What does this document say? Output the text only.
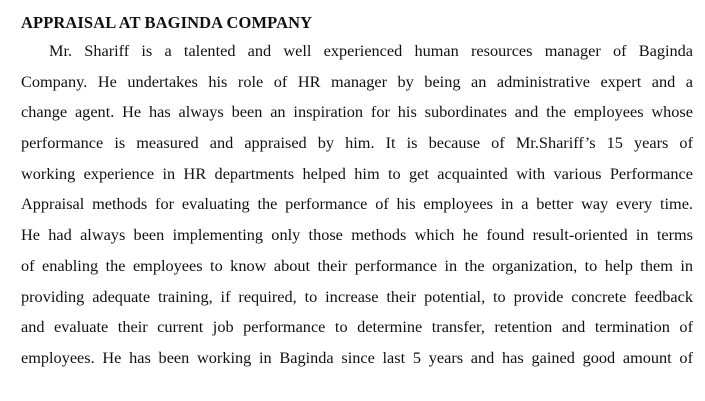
APPRAISAL AT BAGINDA COMPANY
Mr. Shariff is a talented and well experienced human resources manager of Baginda
Company. He undertakes his role of HR manager by being an administrative expert and a
change agent. He has always been an inspiration for his subordinates and the employees whose
performance is measured and appraised by him. It is because of Mr.Shariff’s 15 years of
working experience in HR departments helped him to get acquainted with various Performance
Appraisal methods for evaluating the performance of his employees in a better way every time.
He had always been implementing only those methods which he found result-oriented in terms
of enabling the employees to know about their performance in the organization, to help them in
providing adequate training, if required, to increase their potential, to provide concrete feedback
and evaluate their current job performance to determine transfer, retention and termination of
employees. He has been working in Baginda since last 5 years and has gained good amount of
